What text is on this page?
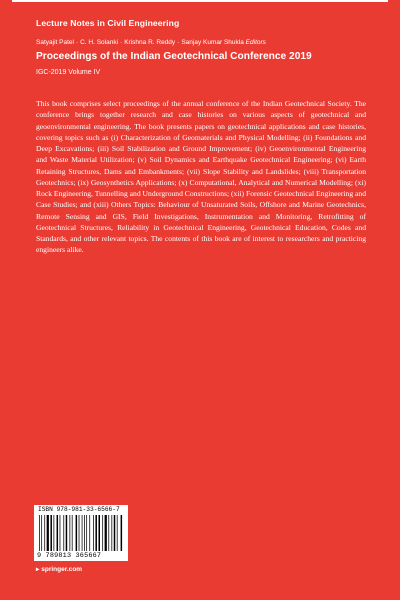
Lecture Notes in Civil Engineering
Satyajit Patel · C. H. Solanki · Krishna R. Reddy · Sanjay Kumar Shukla Editors
Proceedings of the Indian Geotechnical Conference 2019
IGC-2019 Volume IV

This book comprises select proceedings of the annual conference of the Indian Geotechnical Society. The conference brings together research and case histories on various aspects of geotechnical and geoenvironmental engineering. The book presents papers on geotechnical applications and case histories, covering topics such as (i) Characterization of Geomaterials and Physical Modelling; (ii) Foundations and Deep Excavations; (iii) Soil Stabilization and Ground Improvement; (iv) Geoenvironmental Engineering and Waste Material Utilization; (v) Soil Dynamics and Earthquake Geotechnical Engineering; (vi) Earth Retaining Structures, Dams and Embankments; (vii) Slope Stability and Landslides; (viii) Transportation Geotechnics; (ix) Geosynthetics Applications; (x) Computational, Analytical and Numerical Modelling; (xi) Rock Engineering, Tunnelling and Underground Constructions; (xii) Forensic Geotechnical Engineering and Case Studies; and (xiii) Others Topics: Behaviour of Unsaturated Soils, Offshore and Marine Geotechnics, Remote Sensing and GIS, Field Investigations, Instrumentation and Monitoring, Retrofitting of Geotechnical Structures, Reliability in Geotechnical Engineering, Geotechnical Education, Codes and Standards, and other relevant topics. The contents of this book are of interest to researchers and practicing engineers alike.

ISBN 978-981-33-6566-7
9 789813 365667
▸ springer.com
